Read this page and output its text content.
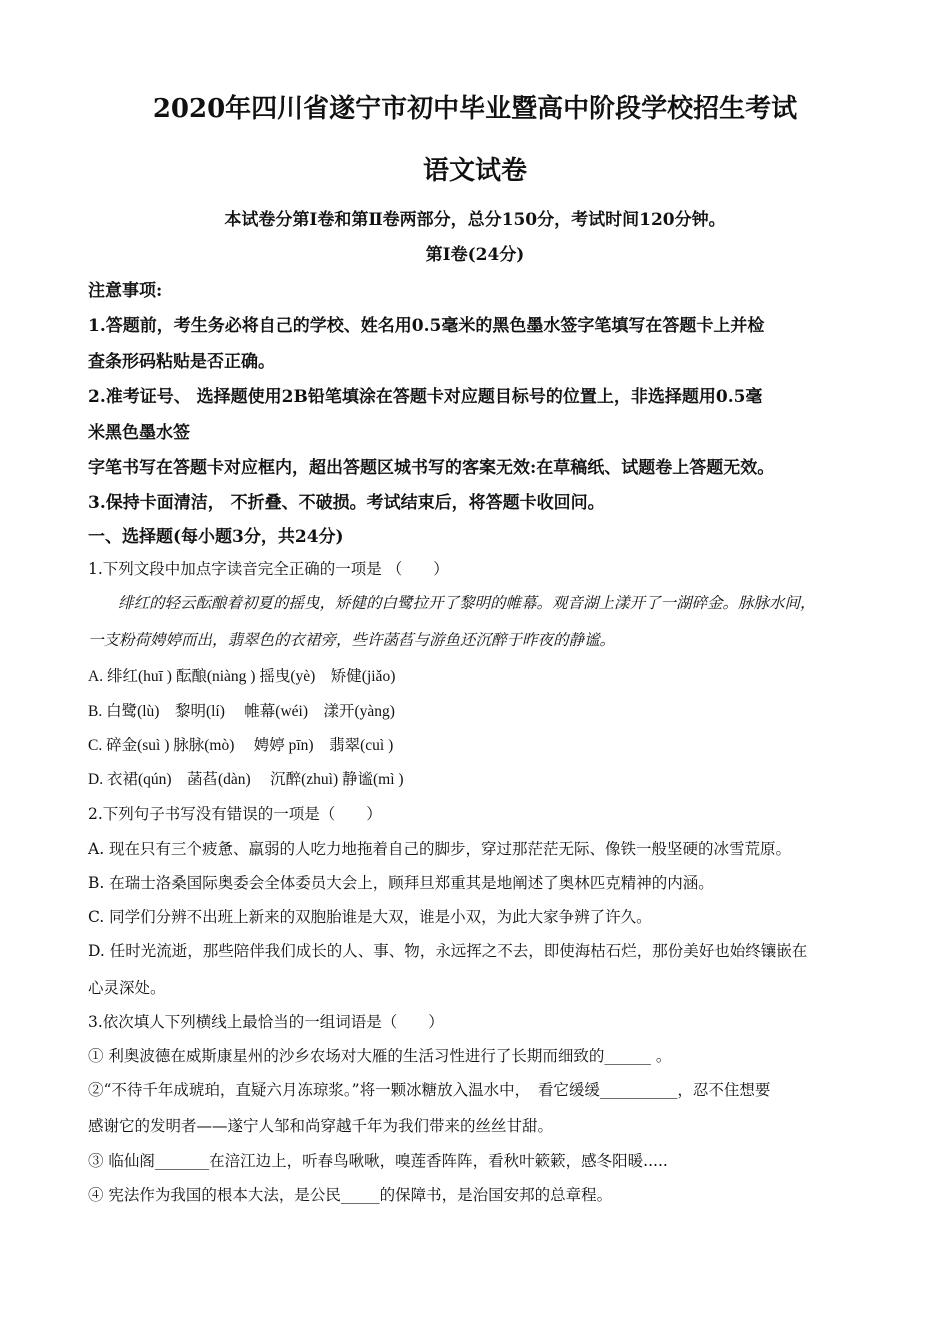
2020年四川省遂宁市初中毕业暨高中阶段学校招生考试
语文试卷
本试卷分第Ⅰ卷和第Ⅱ卷两部分，总分150分，考试时间120分钟。
第Ⅰ卷(24分)
注意事项:
1.答题前，考生务必将自己的学校、姓名用0.5毫米的黑色墨水签字笔填写在答题卡上并检
查条形码粘贴是否正确。
2.准考证号、 选择题使用2B铅笔填涂在答题卡对应题目标号的位置上，非选择题用0.5毫
米黑色墨水签
字笔书写在答题卡对应框内，超出答题区城书写的客案无效:在草稿纸、试题卷上答题无效。
3.保持卡面清洁， 不折叠、不破损。考试结束后，将答题卡收回问。
一、选择题(每小题3分，共24分)
1.下列文段中加点字读音完全正确的一项是 （　　）
绯红的轻云酝酿着初夏的摇曳，矫健的白鹭拉开了黎明的帷幕。观音湖上漾开了一湖碎金。脉脉水间，
一支粉荷娉婷而出，翡翠色的衣裙旁，些许菡萏与游鱼还沉醉于昨夜的静谧。
A. 绯红(huī ) 酝酿(niàng ) 摇曳(yè)　矫健(jiǎo)
B. 白鹭(lù)　黎明(lí)　 帷幕(wéi)　漾开(yàng)
C. 碎金(suì ) 脉脉(mò)　 娉婷 pīn)　翡翠(cuì )
D. 衣裙(qún)　菡萏(dàn)　 沉醉(zhuì) 静谧(mì )
2.下列句子书写没有错误的一项是（　　）
A. 现在只有三个疲惫、羸弱的人吃力地拖着自己的脚步，穿过那茫茫无际、像铁一般坚硬的冰雪荒原。
B. 在瑞士洛桑国际奥委会全体委员大会上，顾拜旦郑重其是地阐述了奥林匹克精神的内涵。
C. 同学们分辨不出班上新来的双胞胎谁是大双，谁是小双，为此大家争辨了许久。
D. 任时光流逝，那些陪伴我们成长的人、事、物，永远挥之不去，即使海枯石烂，那份美好也始终镶嵌在
心灵深处。
3.依次填人下列横线上最恰当的一组词语是（　　）
① 利奥波德在威斯康星州的沙乡农场对大雁的生活习性进行了长期而细致的______ 。
②“不待千年成琥珀，直疑六月冻琼浆。”将一颗冰糖放入温水中，　看它缓缓__________，忍不住想要
感谢它的发明者——遂宁人邹和尚穿越千年为我们带来的丝丝甘甜。
③ 临仙阁_______在涪江边上，听春鸟啾啾，嗅莲香阵阵，看秋叶簌簌，感冬阳暖.....
④ 宪法作为我国的根本大法，是公民_____的保障书，是治国安邦的总章程。
